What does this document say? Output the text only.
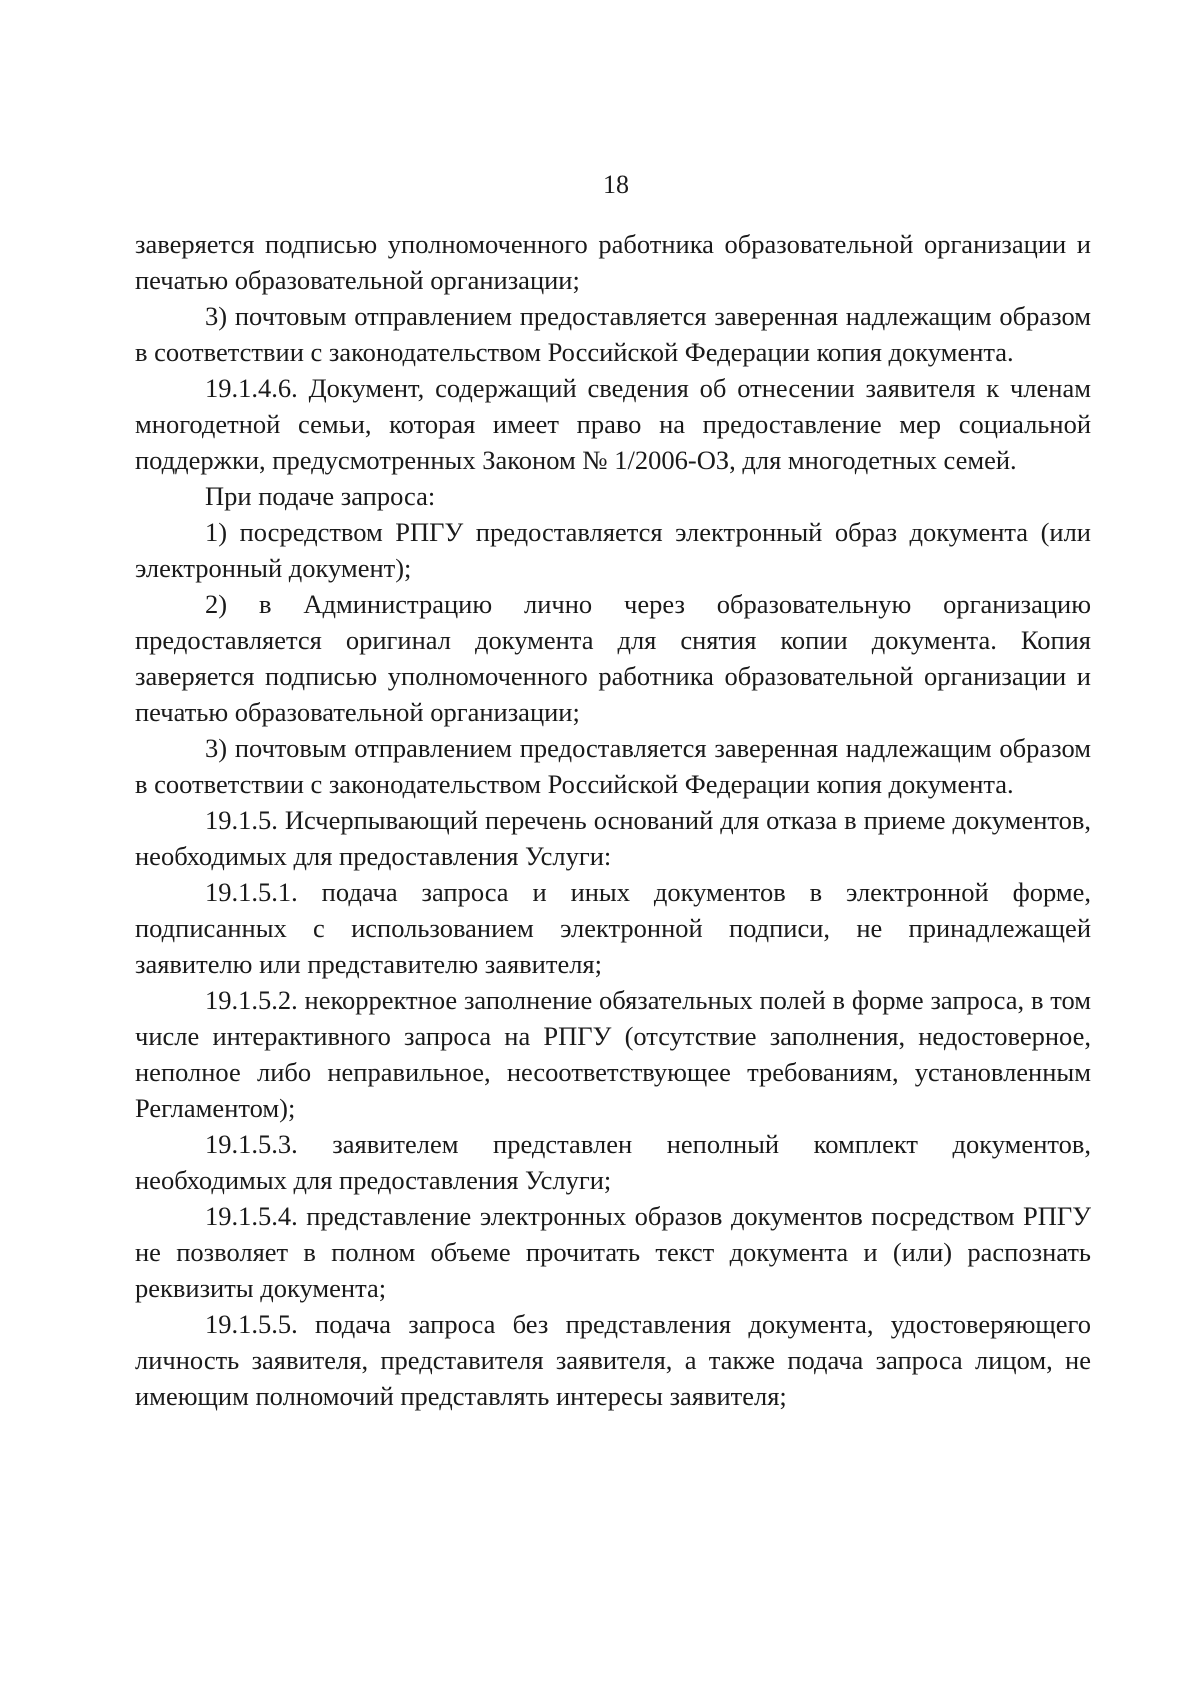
18

заверяется подписью уполномоченного работника образовательной организации и печатью образовательной организации;

3) почтовым отправлением предоставляется заверенная надлежащим образом в соответствии с законодательством Российской Федерации копия документа.

19.1.4.6. Документ, содержащий сведения об отнесении заявителя к членам многодетной семьи, которая имеет право на предоставление мер социальной поддержки, предусмотренных Законом № 1/2006-ОЗ, для многодетных семей.

При подаче запроса:

1) посредством РПГУ предоставляется электронный образ документа (или электронный документ);

2) в Администрацию лично через образовательную организацию предоставляется оригинал документа для снятия копии документа. Копия заверяется подписью уполномоченного работника образовательной организации и печатью образовательной организации;

3) почтовым отправлением предоставляется заверенная надлежащим образом в соответствии с законодательством Российской Федерации копия документа.

19.1.5. Исчерпывающий перечень оснований для отказа в приеме документов, необходимых для предоставления Услуги:

19.1.5.1. подача запроса и иных документов в электронной форме, подписанных с использованием электронной подписи, не принадлежащей заявителю или представителю заявителя;

19.1.5.2. некорректное заполнение обязательных полей в форме запроса, в том числе интерактивного запроса на РПГУ (отсутствие заполнения, недостоверное, неполное либо неправильное, несоответствующее требованиям, установленным Регламентом);

19.1.5.3. заявителем представлен неполный комплект документов, необходимых для предоставления Услуги;

19.1.5.4. представление электронных образов документов посредством РПГУ не позволяет в полном объеме прочитать текст документа и (или) распознать реквизиты документа;

19.1.5.5. подача запроса без представления документа, удостоверяющего личность заявителя, представителя заявителя, а также подача запроса лицом, не имеющим полномочий представлять интересы заявителя;
